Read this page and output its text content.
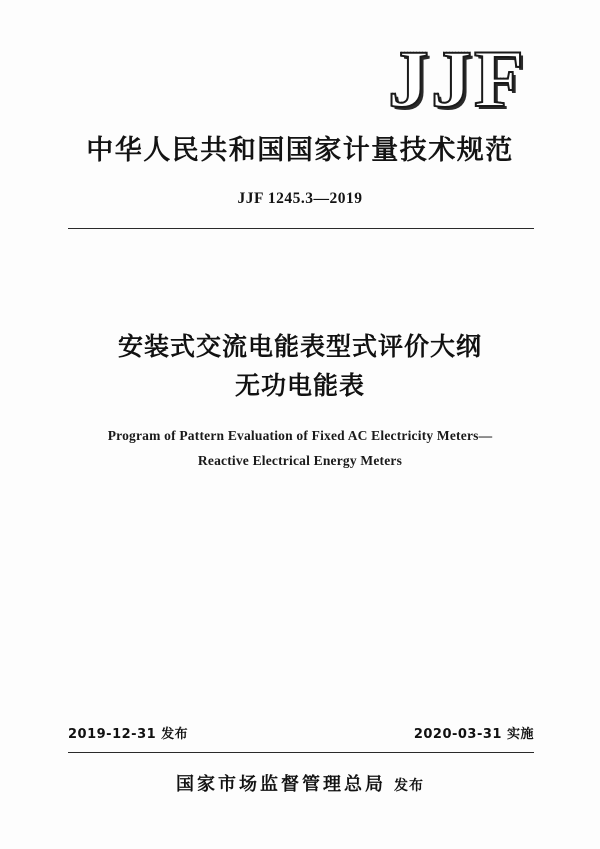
JJF
中华人民共和国国家计量技术规范
JJF 1245.3—2019
安装式交流电能表型式评价大纲
无功电能表
Program of Pattern Evaluation of Fixed AC Electricity Meters—
Reactive Electrical Energy Meters
2019-12-31 发布	2020-03-31 实施
国家市场监督管理总局 发布
